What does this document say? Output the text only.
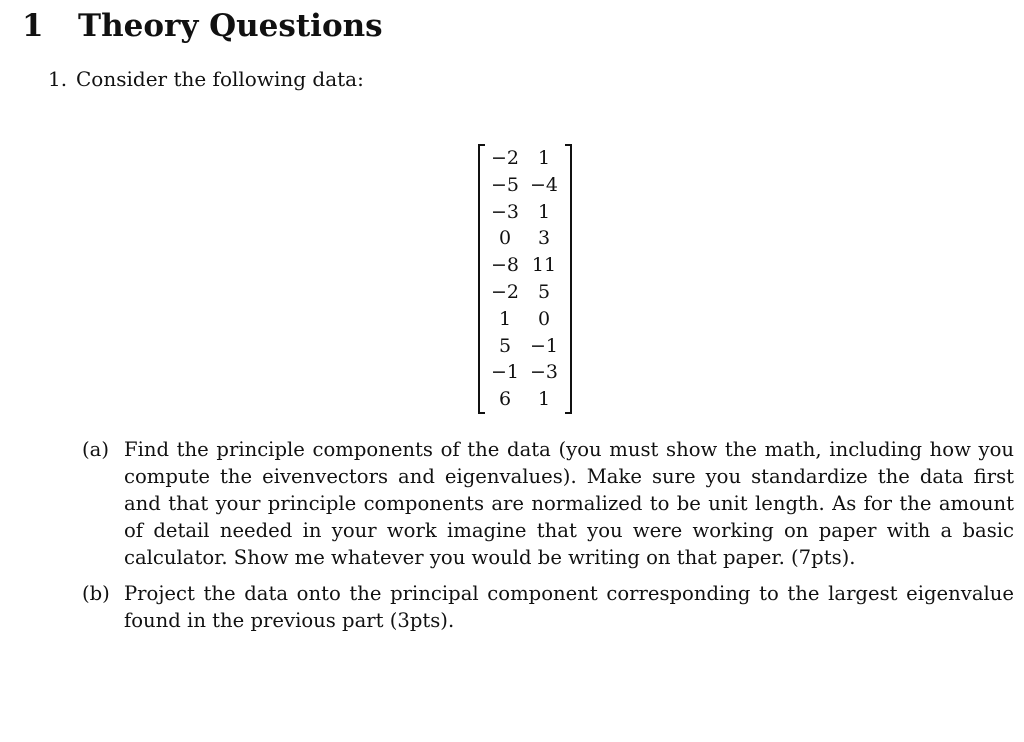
1 Theory Questions
1. Consider the following data:
−2 1
−5 −4
−3 1
0	3
−8 11
−2 5
1	0
5 −1
−1 −3
6	1
(a) Find the principle components of the data (you must show the math, including how you compute the eivenvectors and eigenvalues). Make sure you standardize the data first and that your principle components are normalized to be unit length. As for the amount of detail needed in your work imagine that you were working on paper with a basic calculator. Show me whatever you would be writing on that paper. (7pts).
(b) Project the data onto the principal component corresponding to the largest eigenvalue found in the previous part (3pts).
